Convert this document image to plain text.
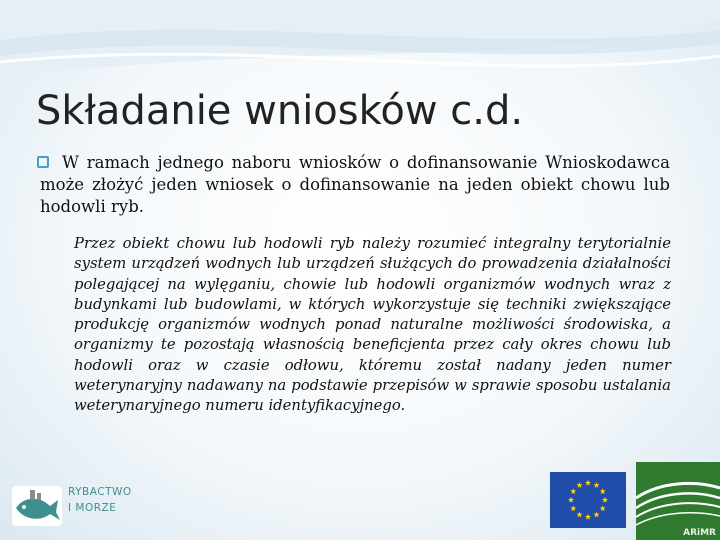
Składanie wniosków c.d.
W ramach jednego naboru wniosków o dofinansowanie Wnioskodawca może złożyć jeden wniosek o dofinansowanie na jeden obiekt chowu lub hodowli ryb.
Przez obiekt chowu lub hodowli ryb należy rozumieć integralny terytorialnie system urządzeń wodnych lub urządzeń służących do prowadzenia działalności polegającej na wylęganiu, chowie lub hodowli organizmów wodnych wraz z budynkami lub budowlami, w których wykorzystuje się techniki zwiększające produkcję organizmów wodnych ponad naturalne możliwości środowiska, a organizmy te pozostają własnością beneficjenta przez cały okres chowu lub hodowli oraz w czasie odłowu, któremu został nadany jeden numer weterynaryjny nadawany na podstawie przepisów w sprawie sposobu ustalania weterynaryjnego numeru identyfikacyjnego.
RYBACTWO
I MORZE
ARiMR
